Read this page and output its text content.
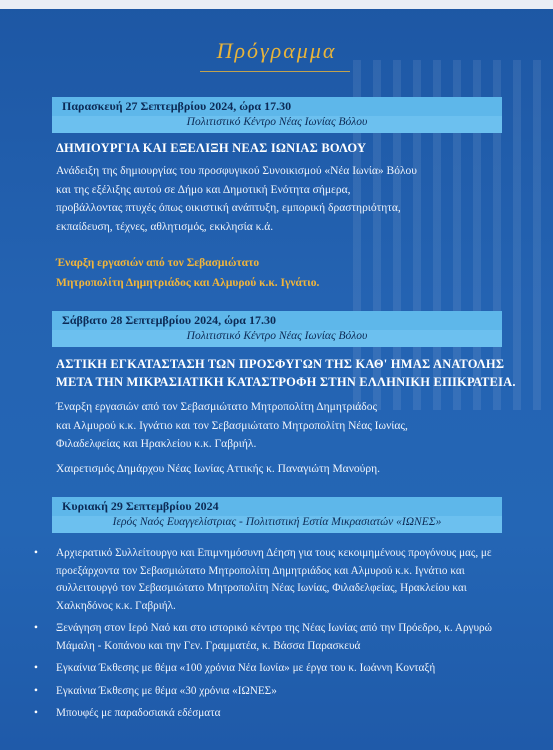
Πρόγραμμα
Παρασκευή 27 Σεπτεμβρίου 2024, ώρα 17.30
Πολιτιστικό Κέντρο Νέας Ιωνίας Βόλου
ΔΗΜΙΟΥΡΓΙΑ ΚΑΙ ΕΞΕΛΙΞΗ ΝΕΑΣ ΙΩΝΙΑΣ ΒΟΛΟΥ
Ανάδειξη της δημιουργίας του προσφυγικού Συνοικισμού «Νέα Ιωνία» Βόλου
και της εξέλιξης αυτού σε Δήμο και Δημοτική Ενότητα σήμερα,
προβάλλοντας πτυχές όπως οικιστική ανάπτυξη, εμπορική δραστηριότητα,
εκπαίδευση, τέχνες, αθλητισμός, εκκλησία κ.ά.
Έναρξη εργασιών από τον Σεβασμιώτατο
Μητροπολίτη Δημητριάδος και Αλμυρού κ.κ. Ιγνάτιο.
Σάββατο 28 Σεπτεμβρίου 2024, ώρα 17.30
Πολιτιστικό Κέντρο Νέας Ιωνίας Βόλου
ΑΣΤΙΚΗ ΕΓΚΑΤΑΣΤΑΣΗ ΤΩΝ ΠΡΟΣΦΥΓΩΝ ΤΗΣ ΚΑΘ' ΗΜΑΣ ΑΝΑΤΟΛΗΣ
ΜΕΤΑ ΤΗΝ ΜΙΚΡΑΣΙΑΤΙΚΗ ΚΑΤΑΣΤΡΟΦΗ ΣΤΗΝ ΕΛΛΗΝΙΚΗ ΕΠΙΚΡΑΤΕΙΑ.
Έναρξη εργασιών από τον Σεβασμιώτατο Μητροπολίτη Δημητριάδος
και Αλμυρού κ.κ. Ιγνάτιο και τον Σεβασμιώτατο Μητροπολίτη Νέας Ιωνίας,
Φιλαδελφείας και Ηρακλείου κ.κ. Γαβριήλ.
Χαιρετισμός Δημάρχου Νέας Ιωνίας Αττικής κ. Παναγιώτη Μανούρη.
Κυριακή 29 Σεπτεμβρίου 2024
Ιερός Ναός Ευαγγελίστριας - Πολιτιστική Εστία Μικρασιατών «ΙΩΝΕΣ»
• Αρχιερατικό Συλλείτουργο και Επιμνημόσυνη Δέηση για τους κεκοιμημένους προγόνους μας, με προεξάρχοντα τον Σεβασμιώτατο Μητροπολίτη Δημητριάδος και Αλμυρού κ.κ. Ιγνάτιο και συλλειτουργό τον Σεβασμιώτατο Μητροπολίτη Νέας Ιωνίας, Φιλαδελφείας, Ηρακλείου και Χαλκηδόνος κ.κ. Γαβριήλ.
• Ξενάγηση στον Ιερό Ναό και στο ιστορικό κέντρο της Νέας Ιωνίας από την Πρόεδρο, κ. Αργυρώ Μάμαλη - Κοπάνου και την Γεν. Γραμματέα, κ. Βάσσα Παρασκευά
• Εγκαίνια Έκθεσης με θέμα «100 χρόνια Νέα Ιωνία» με έργα του κ. Ιωάννη Κονταξή
• Εγκαίνια Έκθεσης με θέμα «30 χρόνια «ΙΩΝΕΣ»
• Μπουφές με παραδοσιακά εδέσματα
